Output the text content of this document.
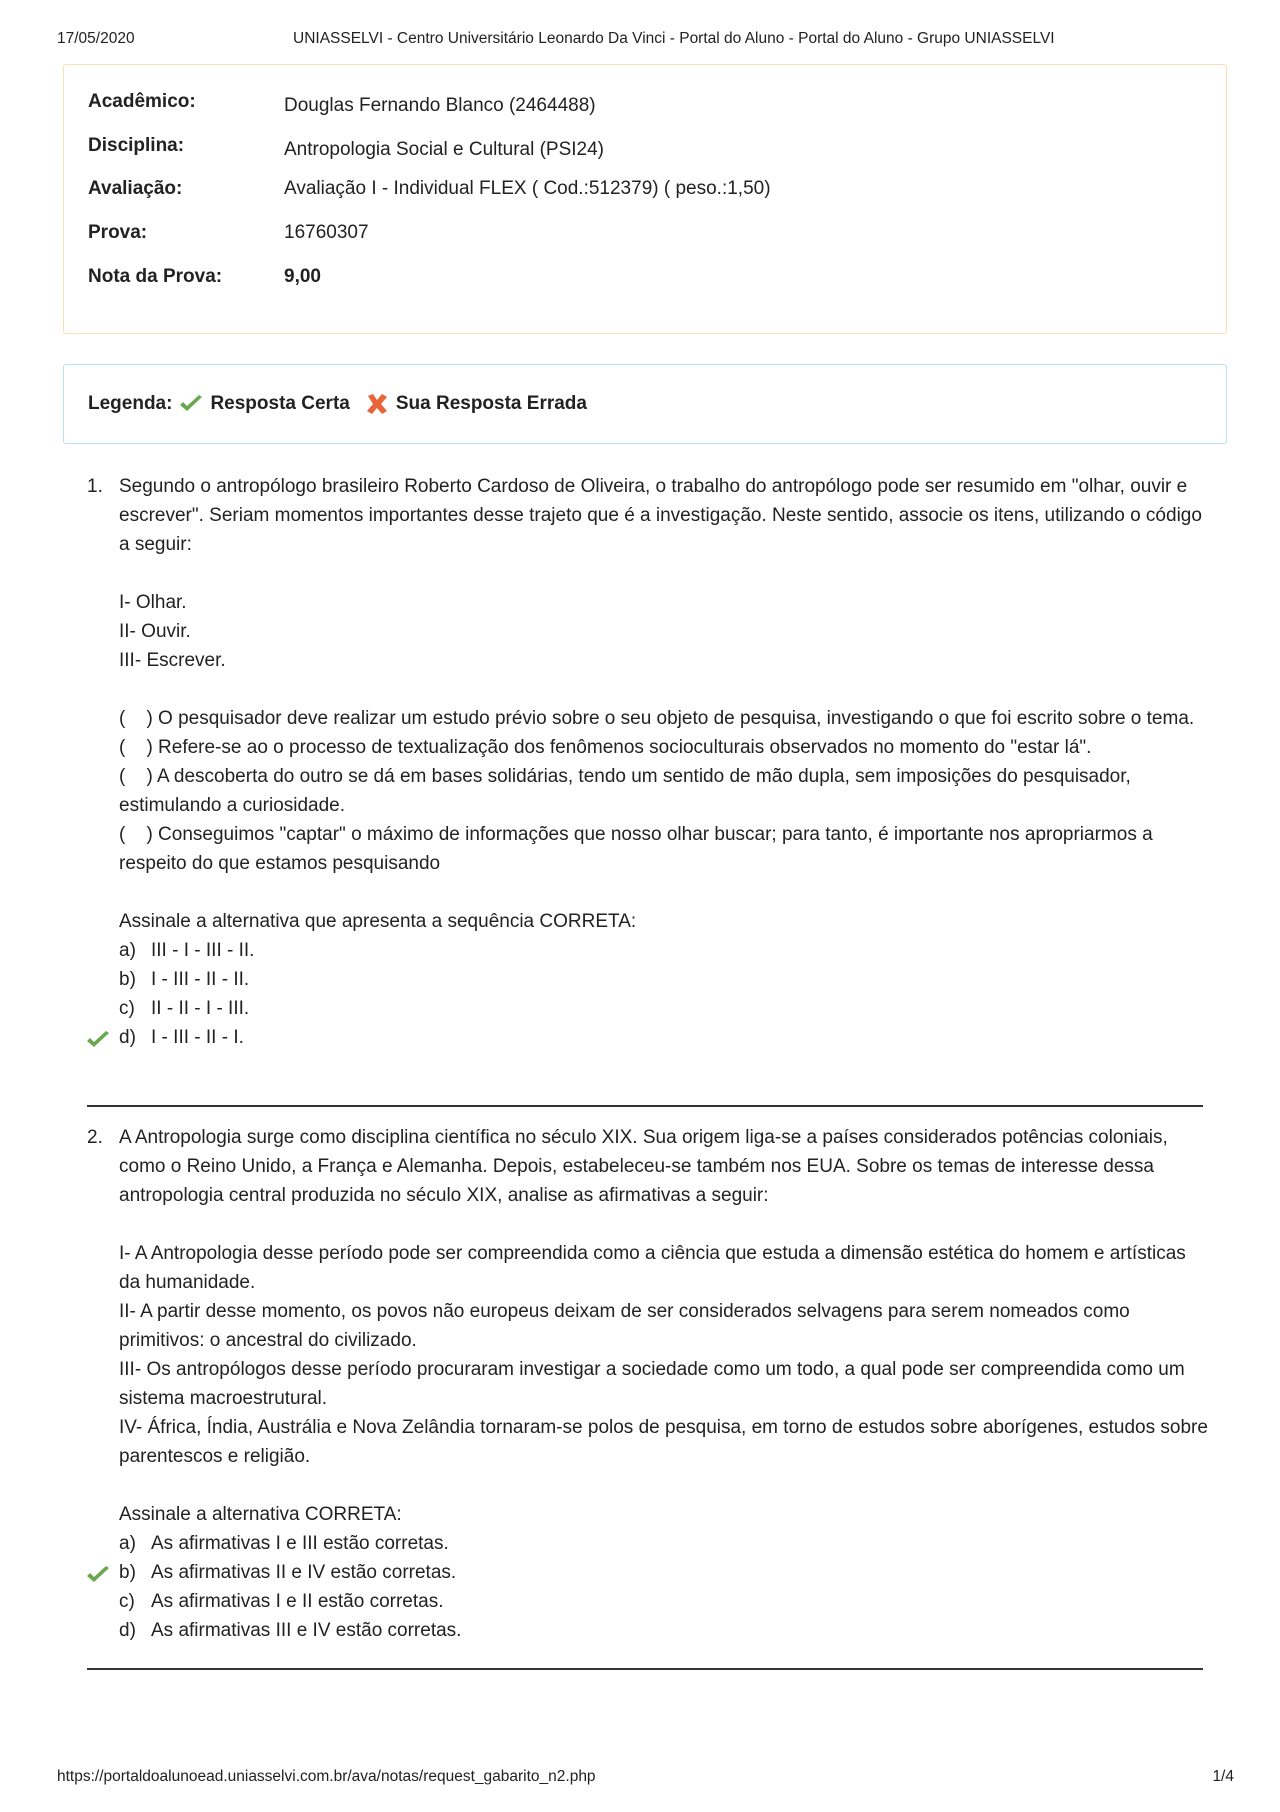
17/05/2020	UNIASSELVI - Centro Universitário Leonardo Da Vinci - Portal do Aluno - Portal do Aluno - Grupo UNIASSELVI
Acadêmico:	Douglas Fernando Blanco (2464488)
Disciplina:	Antropologia Social e Cultural (PSI24)
Avaliação:	Avaliação I - Individual FLEX ( Cod.:512379) ( peso.:1,50)
Prova:	16760307
Nota da Prova:	9,00
Legenda: Resposta Certa Sua Resposta Errada
1. Segundo o antropólogo brasileiro Roberto Cardoso de Oliveira, o trabalho do antropólogo pode ser resumido em "olhar, ouvir e escrever". Seriam momentos importantes desse trajeto que é a investigação. Neste sentido, associe os itens, utilizando o código a seguir:

I- Olhar.

II- Ouvir.

III- Escrever.

(    ) O pesquisador deve realizar um estudo prévio sobre o seu objeto de pesquisa, investigando o que foi escrito sobre o tema.

(    ) Refere-se ao o processo de textualização dos fenômenos socioculturais observados no momento do "estar lá".

(    ) A descoberta do outro se dá em bases solidárias, tendo um sentido de mão dupla, sem imposições do pesquisador, estimulando a curiosidade.

(    ) Conseguimos "captar" o máximo de informações que nosso olhar buscar; para tanto, é importante nos apropriarmos a respeito do que estamos pesquisando

Assinale a alternativa que apresenta a sequência CORRETA:

a) III - I - III - II.
b) I - III - II - II.
c) II - II - I - III.
d) I - III - II - I.
2. A Antropologia surge como disciplina científica no século XIX. Sua origem liga-se a países considerados potências coloniais, como o Reino Unido, a França e Alemanha. Depois, estabeleceu-se também nos EUA. Sobre os temas de interesse dessa antropologia central produzida no século XIX, analise as afirmativas a seguir:

I- A Antropologia desse período pode ser compreendida como a ciência que estuda a dimensão estética do homem e artísticas da humanidade.

II- A partir desse momento, os povos não europeus deixam de ser considerados selvagens para serem nomeados como primitivos: o ancestral do civilizado.

III- Os antropólogos desse período procuraram investigar a sociedade como um todo, a qual pode ser compreendida como um sistema macroestrutural.

IV- África, Índia, Austrália e Nova Zelândia tornaram-se polos de pesquisa, em torno de estudos sobre aborígenes, estudos sobre parentescos e religião.

Assinale a alternativa CORRETA:

a) As afirmativas I e III estão corretas.
b) As afirmativas II e IV estão corretas.
c) As afirmativas I e II estão corretas.
d) As afirmativas III e IV estão corretas.
https://portaldoalunoead.uniasselvi.com.br/ava/notas/request_gabarito_n2.php	1/4
